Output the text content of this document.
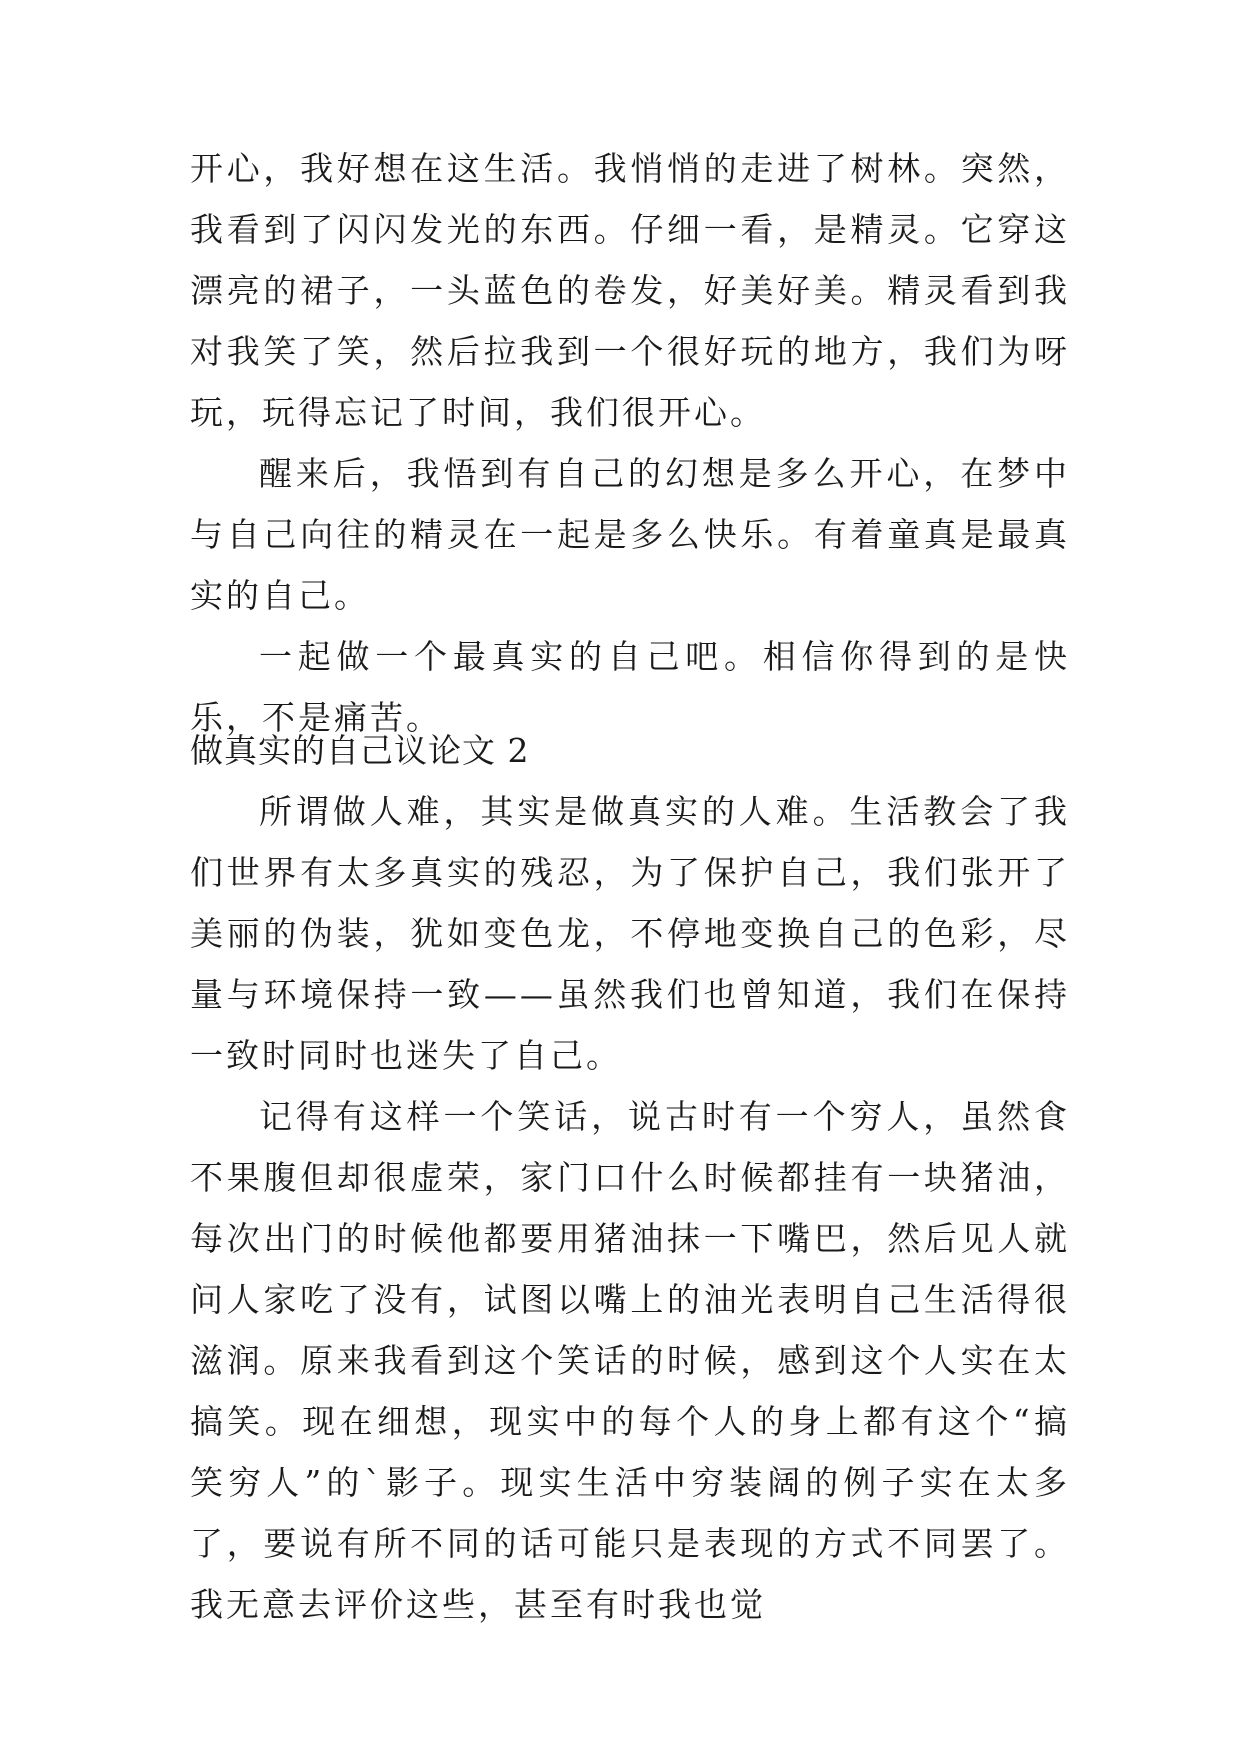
开心，我好想在这生活。我悄悄的走进了树林。突然，我看到了闪闪发光的东西。仔细一看，是精灵。它穿这漂亮的裙子，一头蓝色的卷发，好美好美。精灵看到我对我笑了笑，然后拉我到一个很好玩的地方，我们为呀玩，玩得忘记了时间，我们很开心。

醒来后，我悟到有自己的幻想是多么开心，在梦中与自己向往的精灵在一起是多么快乐。有着童真是最真实的自己。

一起做一个最真实的自己吧。相信你得到的是快乐，不是痛苦。

做真实的自己议论文 2

所谓做人难，其实是做真实的人难。生活教会了我们世界有太多真实的残忍，为了保护自己，我们张开了美丽的伪装，犹如变色龙，不停地变换自己的色彩，尽量与环境保持一致——虽然我们也曾知道，我们在保持一致时同时也迷失了自己。

记得有这样一个笑话，说古时有一个穷人，虽然食不果腹但却很虚荣，家门口什么时候都挂有一块猪油，每次出门的时候他都要用猪油抹一下嘴巴，然后见人就问人家吃了没有，试图以嘴上的油光表明自己生活得很滋润。原来我看到这个笑话的时候，感到这个人实在太搞笑。现在细想，现实中的每个人的身上都有这个“搞笑穷人”的`影子。现实生活中穷装阔的例子实在太多了，要说有所不同的话可能只是表现的方式不同罢了。我无意去评价这些，甚至有时我也觉
